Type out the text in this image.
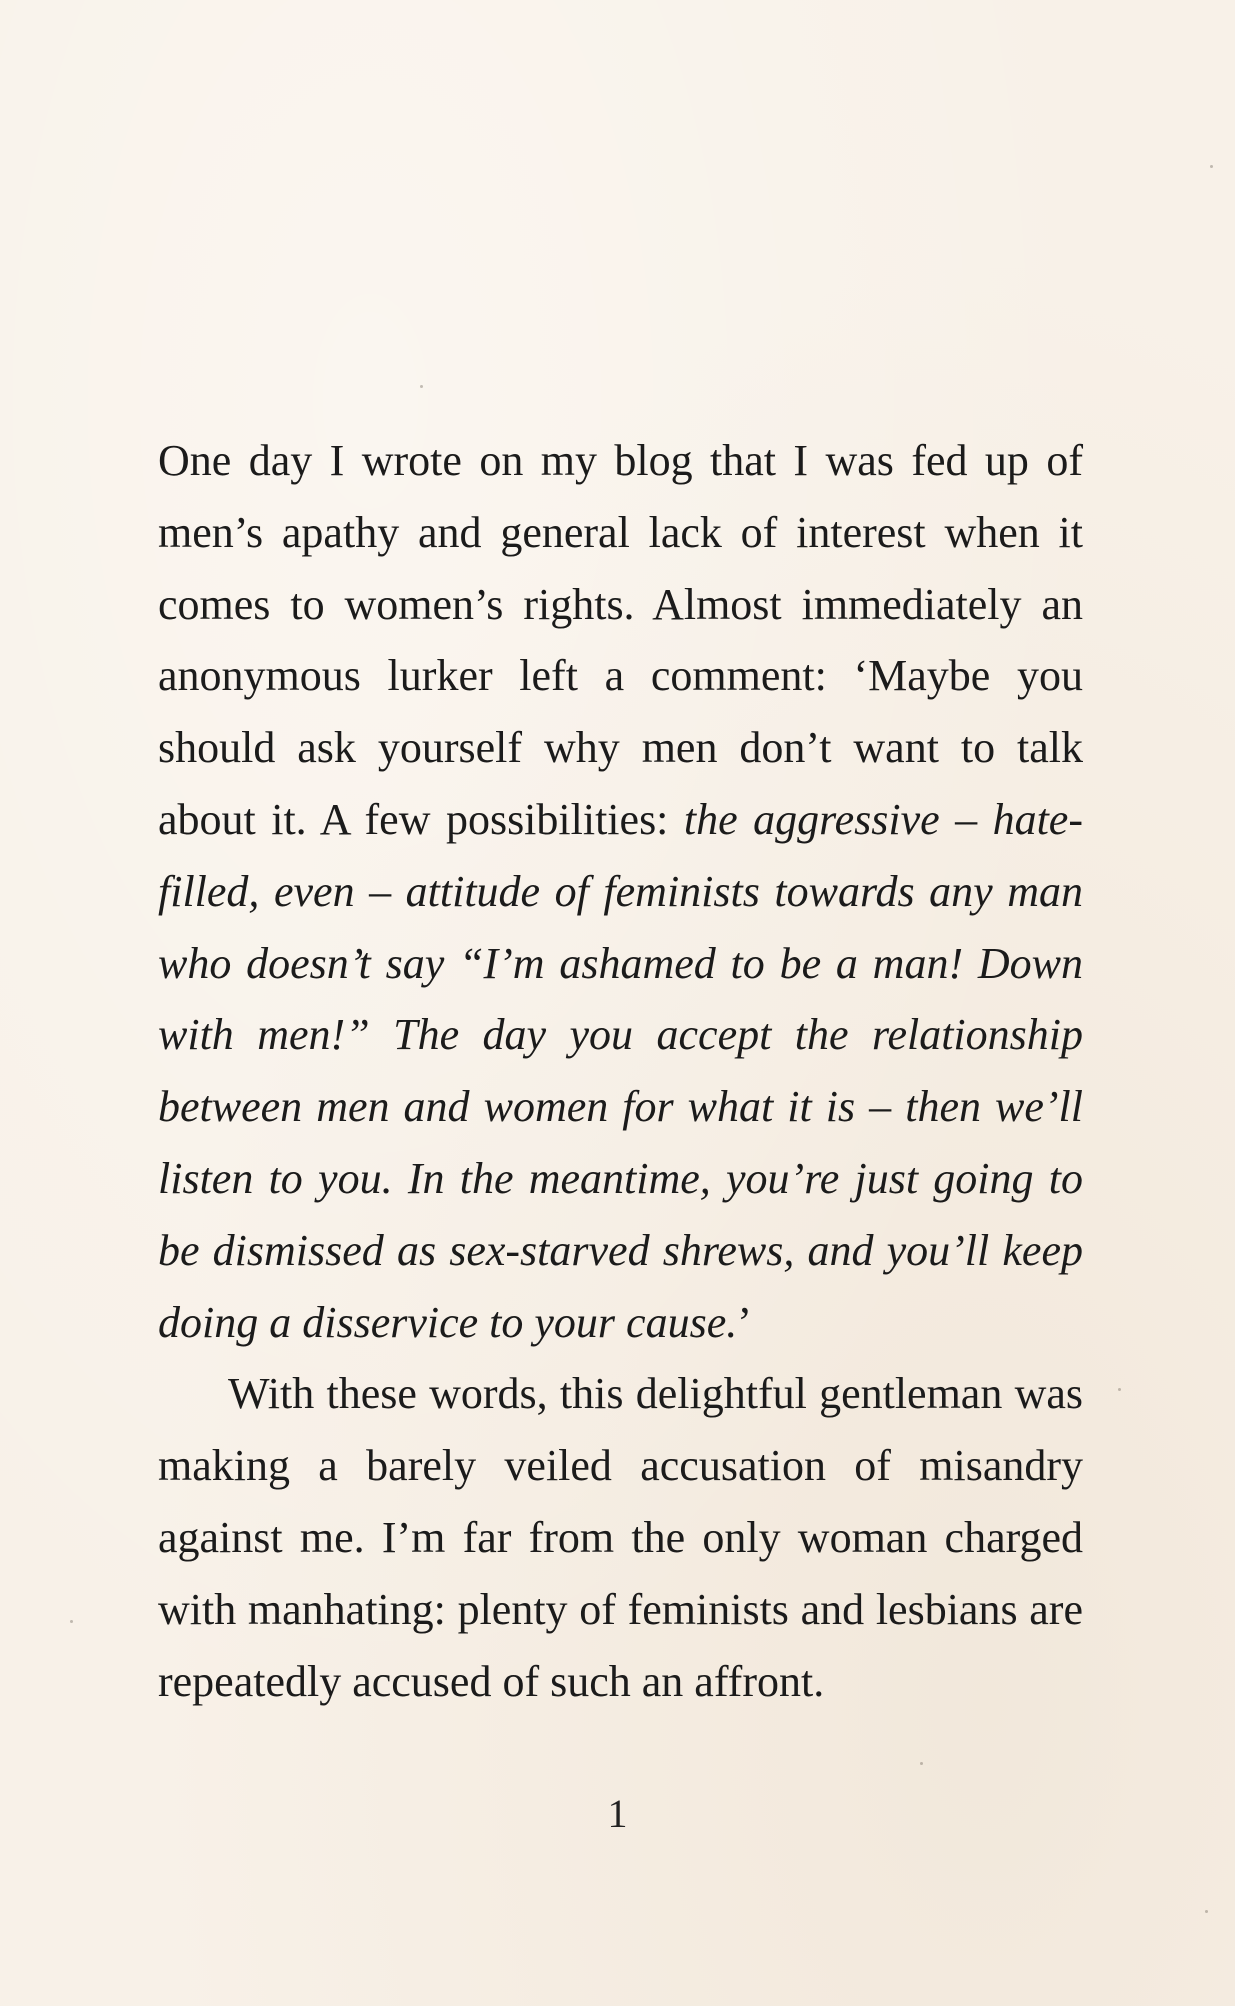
One day I wrote on my blog that I was fed up of men’s apathy and general lack of interest when it comes to women’s rights. Almost immediately an anonymous lurker left a comment: ‘Maybe you should ask yourself why men don’t want to talk about it. A few possibilities: the aggressive – hate-filled, even – attitude of feminists towards any man who doesn’t say “I’m ashamed to be a man! Down with men!” The day you accept the relationship between men and women for what it is – then we’ll listen to you. In the meantime, you’re just going to be dismissed as sex-starved shrews, and you’ll keep doing a disservice to your cause.’

With these words, this delightful gentleman was making a barely veiled accusation of misandry against me. I’m far from the only woman charged with manhating: plenty of feminists and lesbians are repeatedly accused of such an affront.

1
